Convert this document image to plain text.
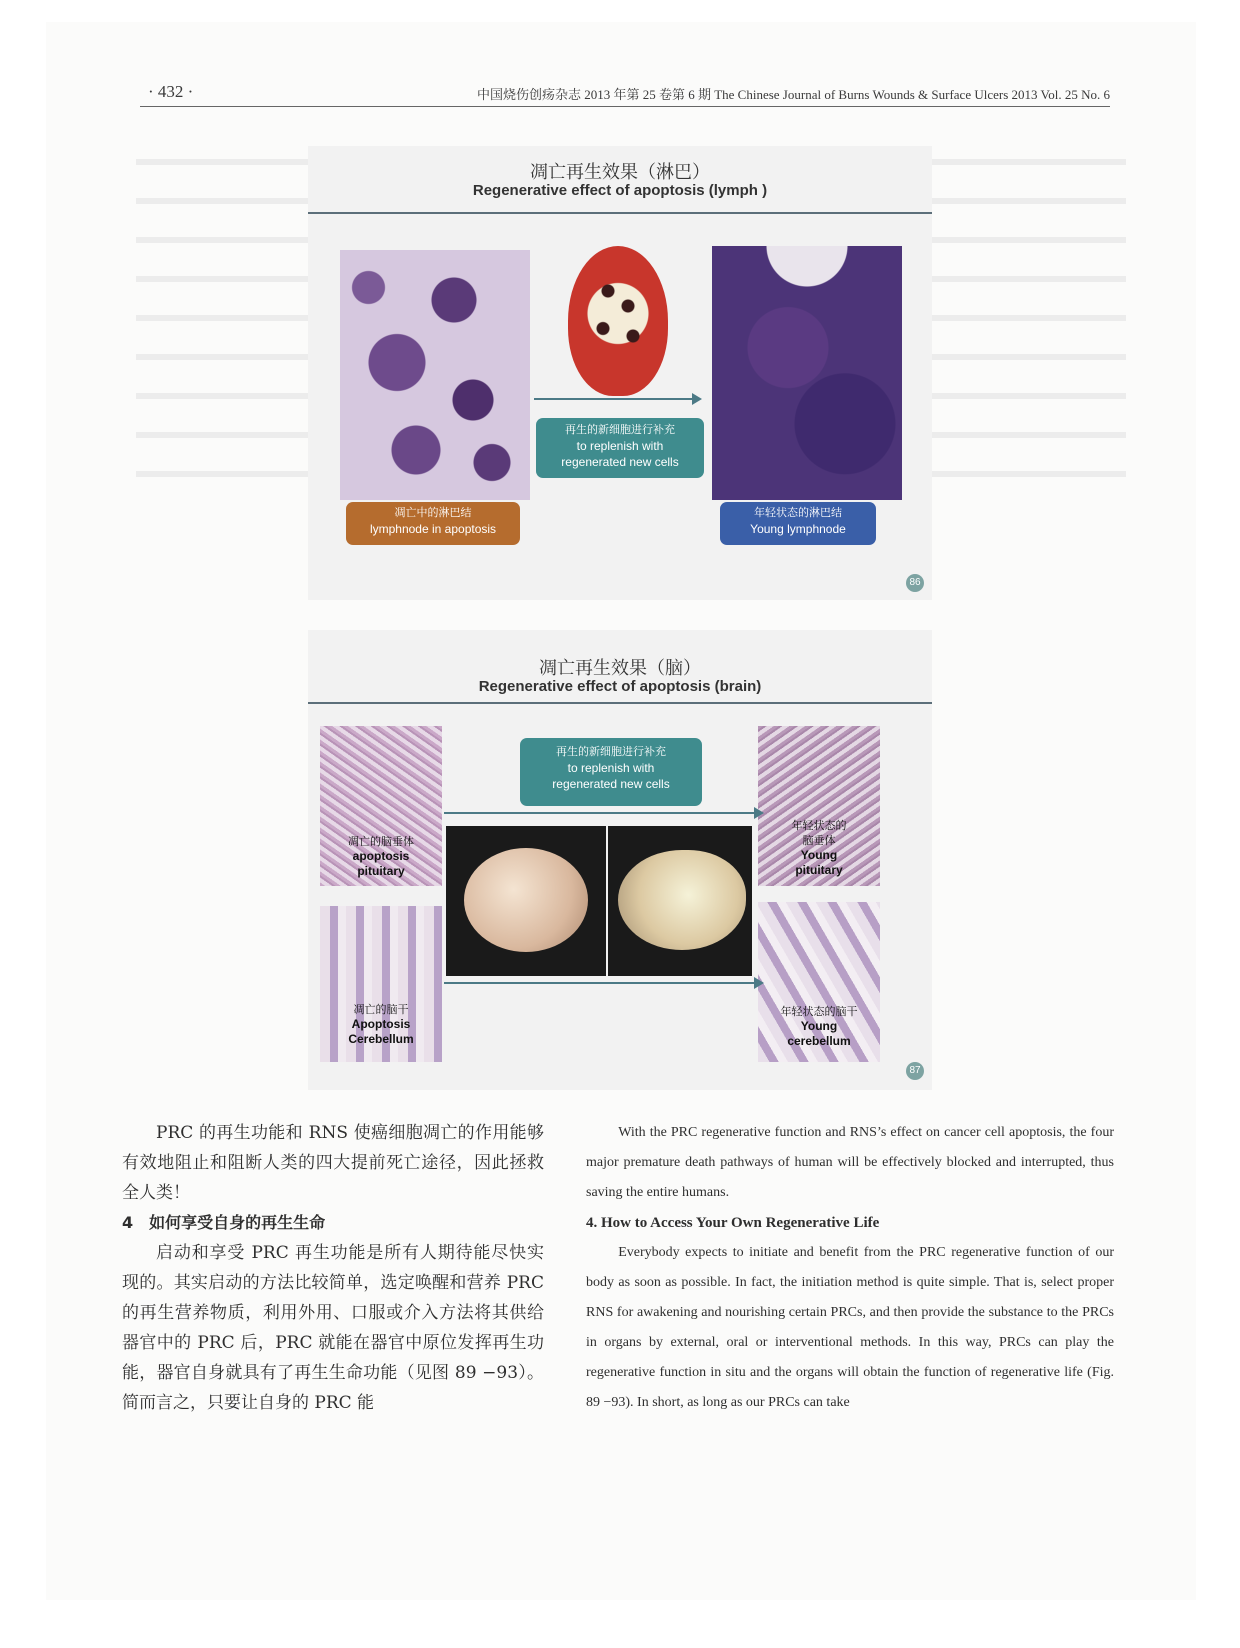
· 432 ·	中国烧伤创疡杂志 2013 年第 25 卷第 6 期 The Chinese Journal of Burns Wounds & Surface Ulcers 2013 Vol. 25 No. 6
凋亡再生效果（淋巴）
Regenerative effect of apoptosis (lymph )
再生的新细胞进行补充
to replenish with
regenerated new cells
凋亡中的淋巴结
lymphnode in apoptosis
年轻状态的淋巴结
Young lymphnode
86
凋亡再生效果（脑）
Regenerative effect of apoptosis (brain)
再生的新细胞进行补充
to replenish with
regenerated new cells
凋亡的脑垂体
apoptosis
pituitary
凋亡的脑干
Apoptosis
Cerebellum
年轻状态的
脑垂体
Young
pituitary
年轻状态的脑干
Young
cerebellum
87

PRC 的再生功能和 RNS 使癌细胞凋亡的作用能够有效地阻止和阻断人类的四大提前死亡途径，因此拯救全人类！

4　如何享受自身的再生生命

启动和享受 PRC 再生功能是所有人期待能尽快实现的。其实启动的方法比较简单，选定唤醒和营养 PRC 的再生营养物质，利用外用、口服或介入方法将其供给器官中的 PRC 后，PRC 就能在器官中原位发挥再生功能，器官自身就具有了再生生命功能（见图 89 −93）。简而言之，只要让自身的 PRC 能

With the PRC regenerative function and RNS’s effect on cancer cell apoptosis, the four major premature death pathways of human will be effectively blocked and interrupted, thus saving the entire humans.

4. How to Access Your Own Regenerative Life

Everybody expects to initiate and benefit from the PRC regenerative function of our body as soon as possible. In fact, the initiation method is quite simple. That is, select proper RNS for awakening and nourishing certain PRCs, and then provide the substance to the PRCs in organs by external, oral or interventional methods. In this way, PRCs can play the regenerative function in situ and the organs will obtain the function of regenerative life (Fig. 89 −93). In short, as long as our PRCs can take
